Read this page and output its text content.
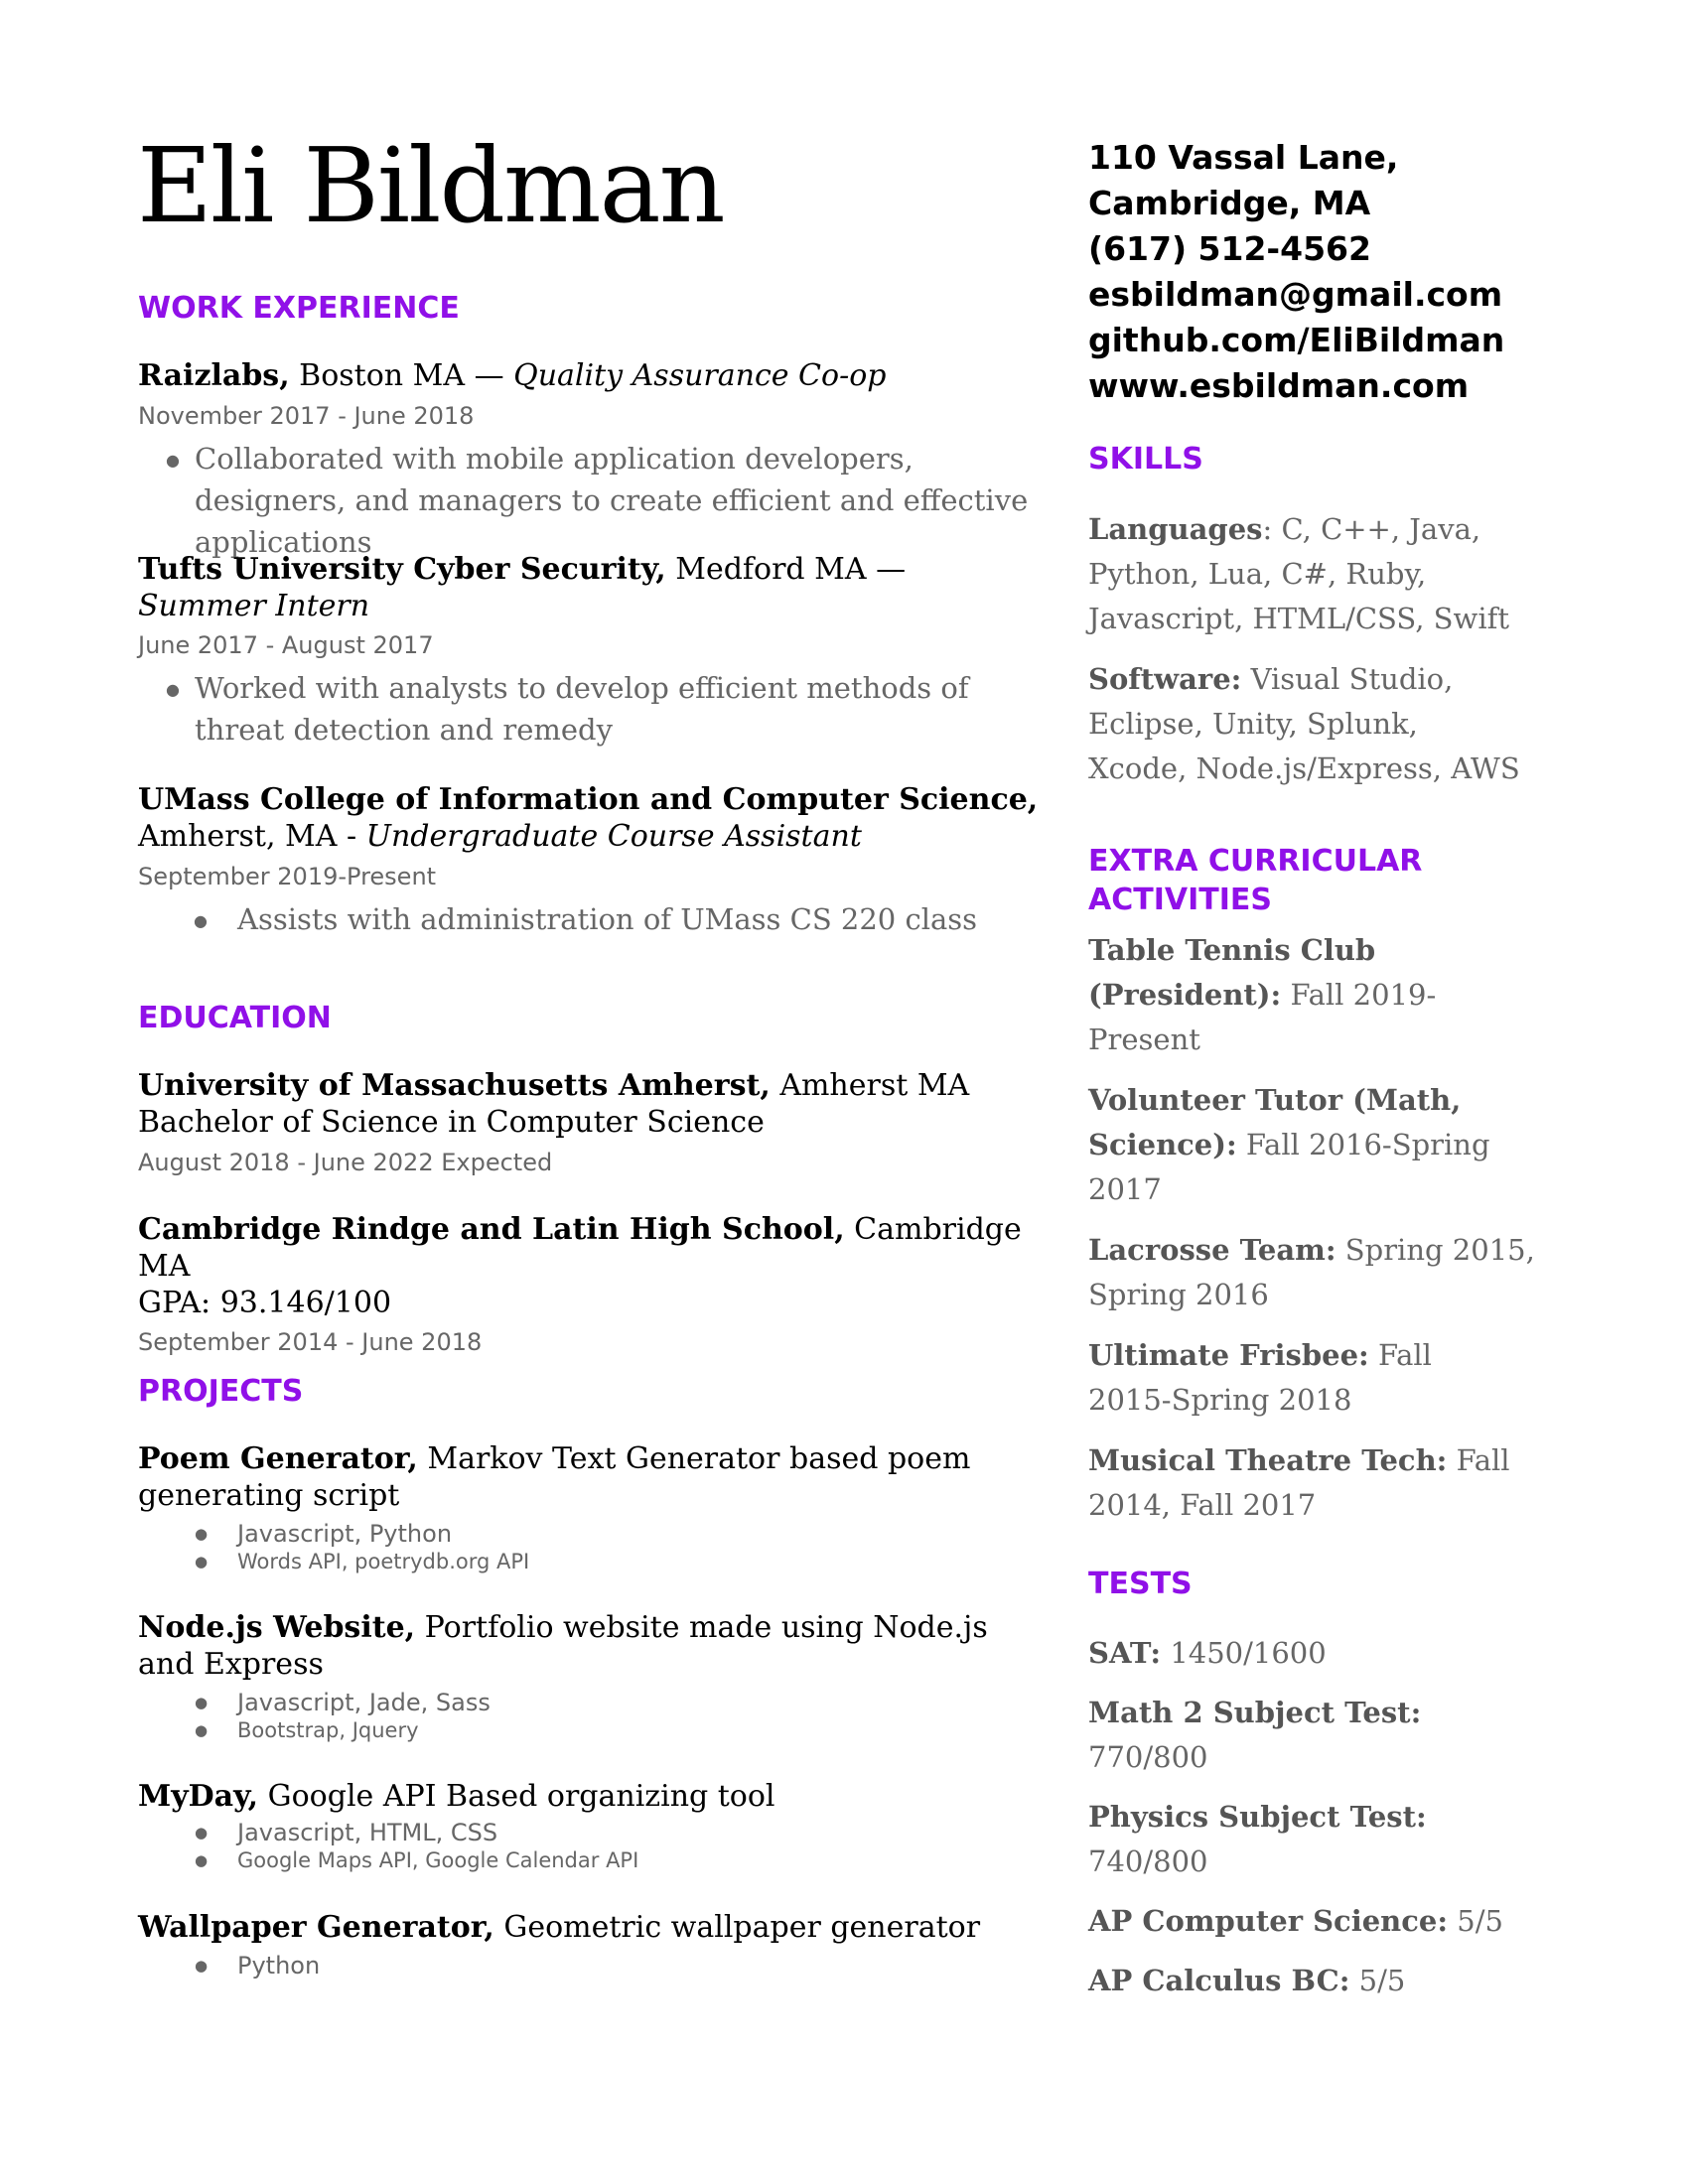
Eli Bildman	110 Vassal Lane,
Cambridge, MA
(617) 512-4562
esbildman@gmail.com
github.com/EliBildman
www.esbildman.com
WORK EXPERIENCE
Raizlabs, Boston MA — Quality Assurance Co-op
November 2017 - June 2018
● Collaborated with mobile application developers, designers, and managers to create efficient and effective applications
Tufts University Cyber Security, Medford MA — Summer Intern
June 2017 - August 2017
● Worked with analysts to develop efficient methods of threat detection and remedy
UMass College of Information and Computer Science,
Amherst, MA - Undergraduate Course Assistant
September 2019-Present
● Assists with administration of UMass CS 220 class
EDUCATION
University of Massachusetts Amherst, Amherst MA
Bachelor of Science in Computer Science
August 2018 - June 2022 Expected
Cambridge Rindge and Latin High School, Cambridge MA
GPA: 93.146/100
September 2014 - June 2018
PROJECTS
Poem Generator, Markov Text Generator based poem generating script
● Javascript, Python
● Words API, poetrydb.org API
Node.js Website, Portfolio website made using Node.js and Express
● Javascript, Jade, Sass
● Bootstrap, Jquery
MyDay, Google API Based organizing tool
● Javascript, HTML, CSS
● Google Maps API, Google Calendar API
Wallpaper Generator, Geometric wallpaper generator
● Python
SKILLS
Languages: C, C++, Java, Python, Lua, C#, Ruby, Javascript, HTML/CSS, Swift
Software: Visual Studio, Eclipse, Unity, Splunk, Xcode, Node.js/Express, AWS
EXTRA CURRICULAR
ACTIVITIES
Table Tennis Club (President): Fall 2019-Present
Volunteer Tutor (Math, Science): Fall 2016-Spring 2017
Lacrosse Team: Spring 2015, Spring 2016
Ultimate Frisbee: Fall 2015-Spring 2018
Musical Theatre Tech: Fall 2014, Fall 2017
TESTS
SAT: 1450/1600
Math 2 Subject Test: 770/800
Physics Subject Test: 740/800
AP Computer Science: 5/5
AP Calculus BC: 5/5
